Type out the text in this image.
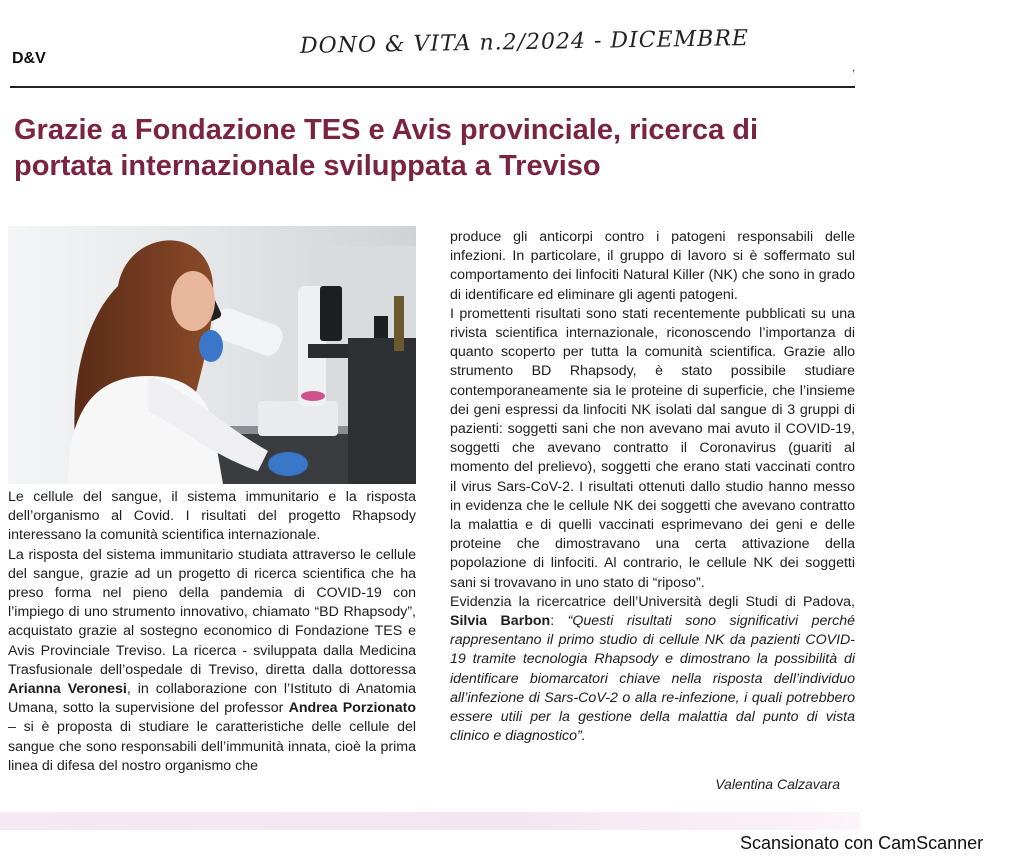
D&V	DONO & VITA n.2/2024 - DICEMBRE
,
Grazie a Fondazione TES e Avis provinciale, ricerca di portata internazionale sviluppata a Treviso

Le cellule del sangue, il sistema immunitario e la risposta dell’organismo al Covid. I risultati del progetto Rhapsody interessano la comunità scientifica internazionale.

La risposta del sistema immunitario studiata attraverso le cellule del sangue, grazie ad un progetto di ricerca scientifica che ha preso forma nel pieno della pandemia di COVID-19 con l’impiego di uno strumento innovativo, chiamato “BD Rhapsody”, acquistato grazie al sostegno economico di Fondazione TES e Avis Provinciale Treviso. La ricerca - sviluppata dalla Medicina Trasfusionale dell’ospedale di Treviso, diretta dalla dottoressa Arianna Veronesi, in collaborazione con l’Istituto di Anatomia Umana, sotto la supervisione del professor Andrea Porzionato – si è proposta di studiare le caratteristiche delle cellule del sangue che sono responsabili dell’immunità innata, cioè la prima linea di difesa del nostro organismo che

produce gli anticorpi contro i patogeni responsabili delle infezioni. In particolare, il gruppo di lavoro si è soffermato sul comportamento dei linfociti Natural Killer (NK) che sono in grado di identificare ed eliminare gli agenti patogeni.

I promettenti risultati sono stati recentemente pubblicati su una rivista scientifica internazionale, riconoscendo l’importanza di quanto scoperto per tutta la comunità scientifica. Grazie allo strumento BD Rhapsody, è stato possibile studiare contemporaneamente sia le proteine di superficie, che l’insieme dei geni espressi da linfociti NK isolati dal sangue di 3 gruppi di pazienti: soggetti sani che non avevano mai avuto il COVID-19, soggetti che avevano contratto il Coronavirus (guariti al momento del prelievo), soggetti che erano stati vaccinati contro il virus Sars-CoV-2. I risultati ottenuti dallo studio hanno messo in evidenza che le cellule NK dei soggetti che avevano contratto la malattia e di quelli vaccinati esprimevano dei geni e delle proteine che dimostravano una certa attivazione della popolazione di linfociti. Al contrario, le cellule NK dei soggetti sani si trovavano in uno stato di “riposo”.

Evidenzia la ricercatrice dell’Università degli Studi di Padova, Silvia Barbon: “Questi risultati sono significativi perché rappresentano il primo studio di cellule NK da pazienti COVID-19 tramite tecnologia Rhapsody e dimostrano la possibilità di identificare biomarcatori chiave nella risposta dell’individuo all’infezione di Sars-CoV-2 o alla re-infezione, i quali potrebbero essere utili per la gestione della malattia dal punto di vista clinico e diagnostico”.

Valentina Calzavara
Scansionato con CamScanner
